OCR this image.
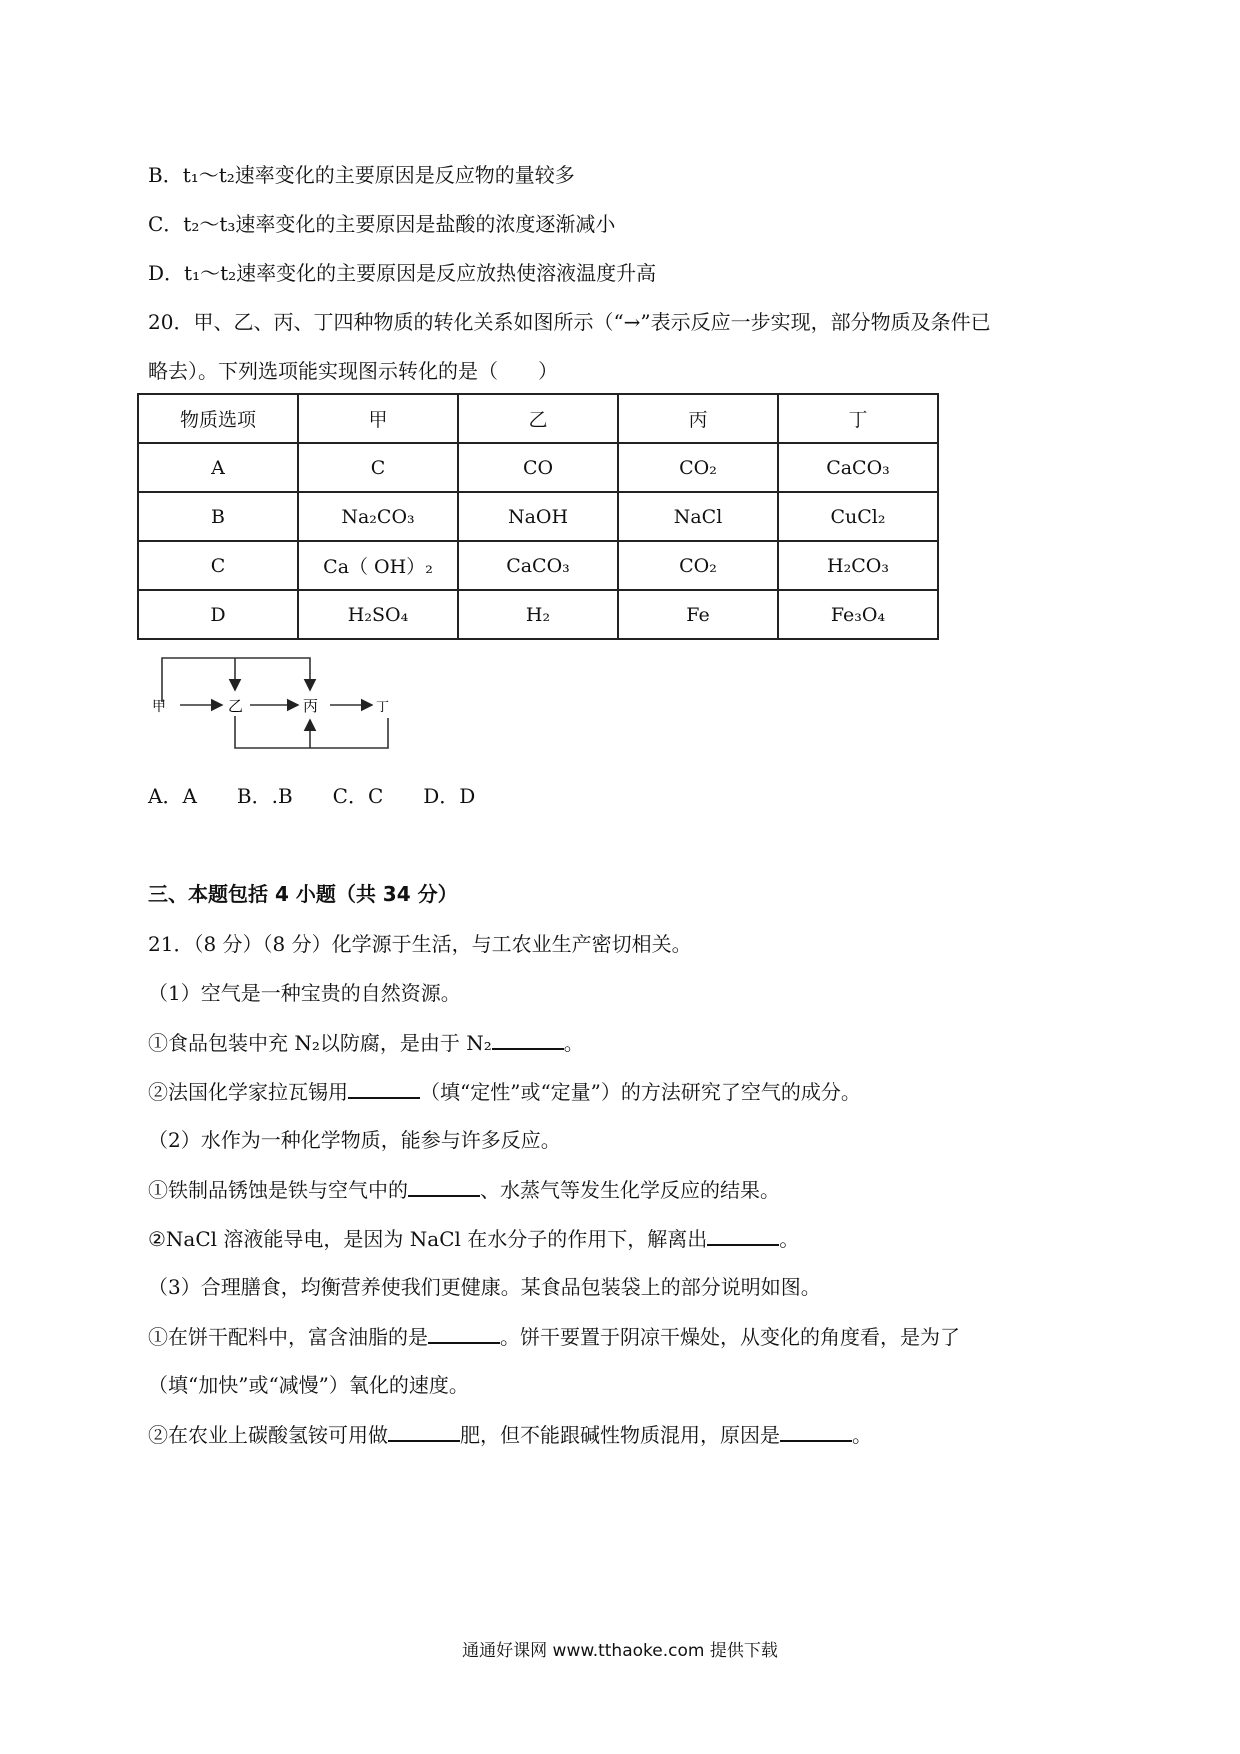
B．t₁～t₂速率变化的主要原因是反应物的量较多
C．t₂～t₃速率变化的主要原因是盐酸的浓度逐渐减小
D．t₁～t₂速率变化的主要原因是反应放热使溶液温度升高
20．甲、乙、丙、丁四种物质的转化关系如图所示（“→”表示反应一步实现，部分物质及条件已
略去）。下列选项能实现图示转化的是（　　）
物质选项	甲	乙	丙	丁
A	C	CO	CO₂	CaCO₃
B	Na₂CO₃	NaOH	NaCl	CuCl₂
C	Ca（ OH）₂	CaCO₃	CO₂	H₂CO₃
D	H₂SO₄	H₂	Fe	Fe₃O₄
甲	乙	丙	丁
A．A　　B．.B　　C．C　　D．D
三、本题包括 4 小题（共 34 分）
21．（8 分）（8 分）化学源于生活，与工农业生产密切相关。
（1）空气是一种宝贵的自然资源。
①食品包装中充 N₂以防腐，是由于 N₂	。
②法国化学家拉瓦锡用	（填“定性”或“定量”）的方法研究了空气的成分。
（2）水作为一种化学物质，能参与许多反应。
①铁制品锈蚀是铁与空气中的	、水蒸气等发生化学反应的结果。
②NaCl 溶液能导电，是因为 NaCl 在水分子的作用下，解离出	。
（3）合理膳食，均衡营养使我们更健康。某食品包装袋上的部分说明如图。
①在饼干配料中，富含油脂的是	。饼干要置于阴凉干燥处，从变化的角度看，是为了
（填“加快”或“减慢”）氧化的速度。
②在农业上碳酸氢铵可用做	肥，但不能跟碱性物质混用，原因是	。
通通好课网 www.tthaoke.com 提供下载
